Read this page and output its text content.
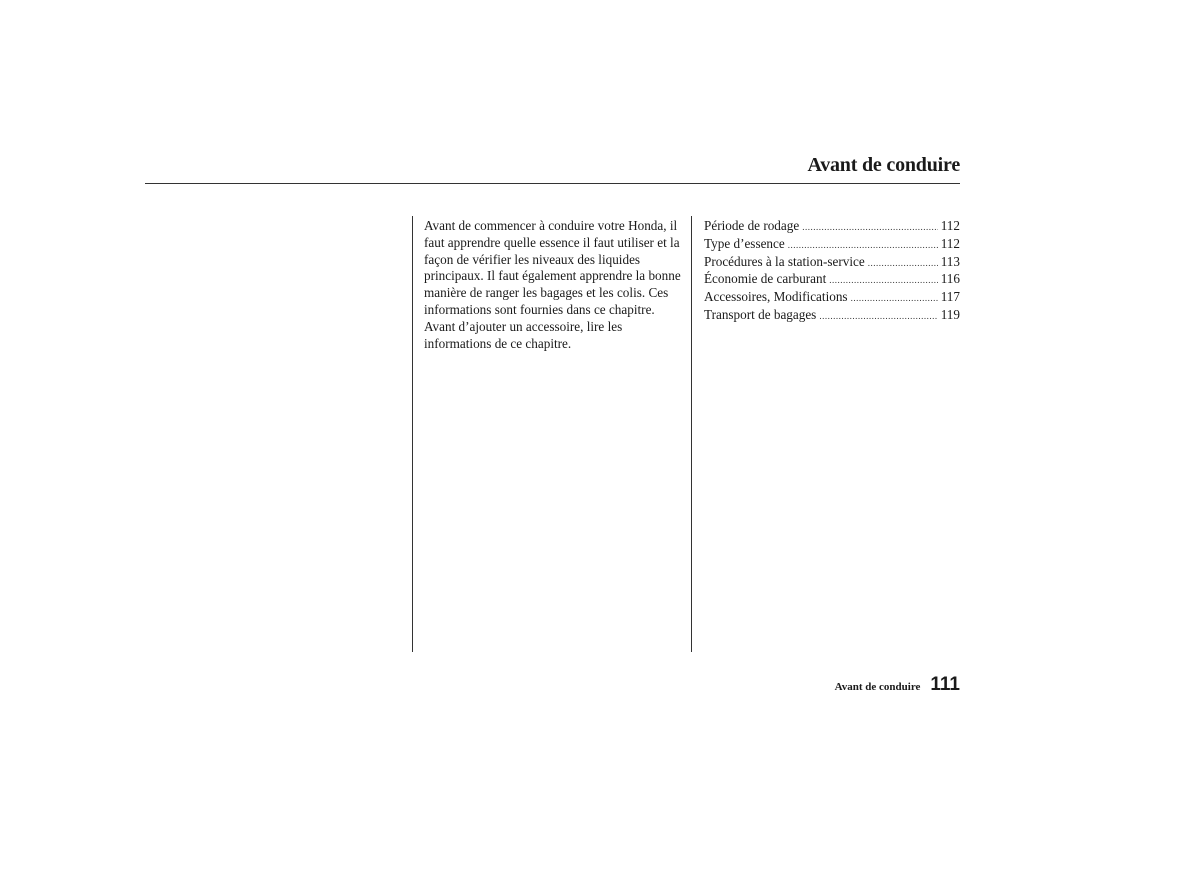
Avant de conduire

Avant de commencer à conduire votre Honda, il faut apprendre quelle essence il faut utiliser et la façon de vérifier les niveaux des liquides principaux. Il faut également apprendre la bonne manière de ranger les bagages et les colis. Ces informations sont fournies dans ce chapitre. Avant d’ajouter un accessoire, lire les informations de ce chapitre.

Période de rodage .....	112
Type d’essence .....	112
Procédures à la station-service .....	113
Économie de carburant .....	116
Accessoires, Modifications .....	117
Transport de bagages .....	119
Avant de conduire 111
